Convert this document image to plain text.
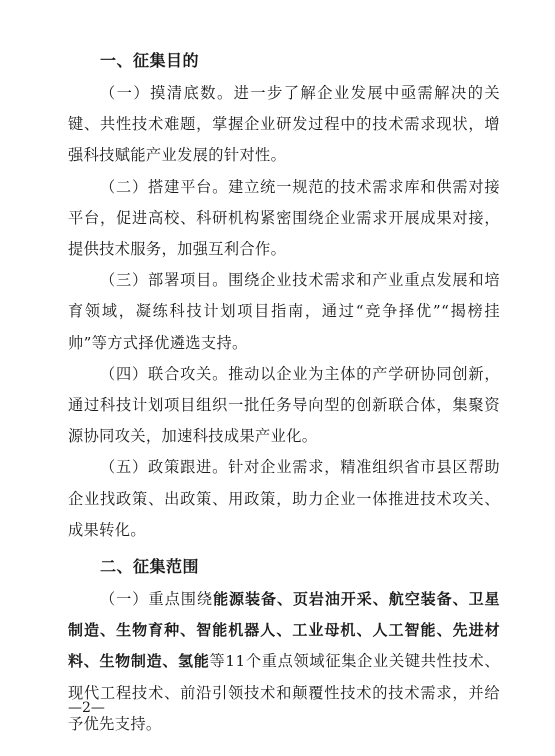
一、征集目的

（一）摸清底数。进一步了解企业发展中亟需解决的关键、共性技术难题，掌握企业研发过程中的技术需求现状，增强科技赋能产业发展的针对性。

（二）搭建平台。建立统一规范的技术需求库和供需对接平台，促进高校、科研机构紧密围绕企业需求开展成果对接，提供技术服务，加强互利合作。

（三）部署项目。围绕企业技术需求和产业重点发展和培育领域，凝练科技计划项目指南，通过“竞争择优”“揭榜挂帅”等方式择优遴选支持。

（四）联合攻关。推动以企业为主体的产学研协同创新，通过科技计划项目组织一批任务导向型的创新联合体，集聚资源协同攻关，加速科技成果产业化。

（五）政策跟进。针对企业需求，精准组织省市县区帮助企业找政策、出政策、用政策，助力企业一体推进技术攻关、成果转化。

二、征集范围

（一）重点围绕能源装备、页岩油开采、航空装备、卫星制造、生物育种、智能机器人、工业母机、人工智能、先进材料、生物制造、氢能等11个重点领域征集企业关键共性技术、现代工程技术、前沿引领技术和颠覆性技术的技术需求，并给予优先支持。

—2—
